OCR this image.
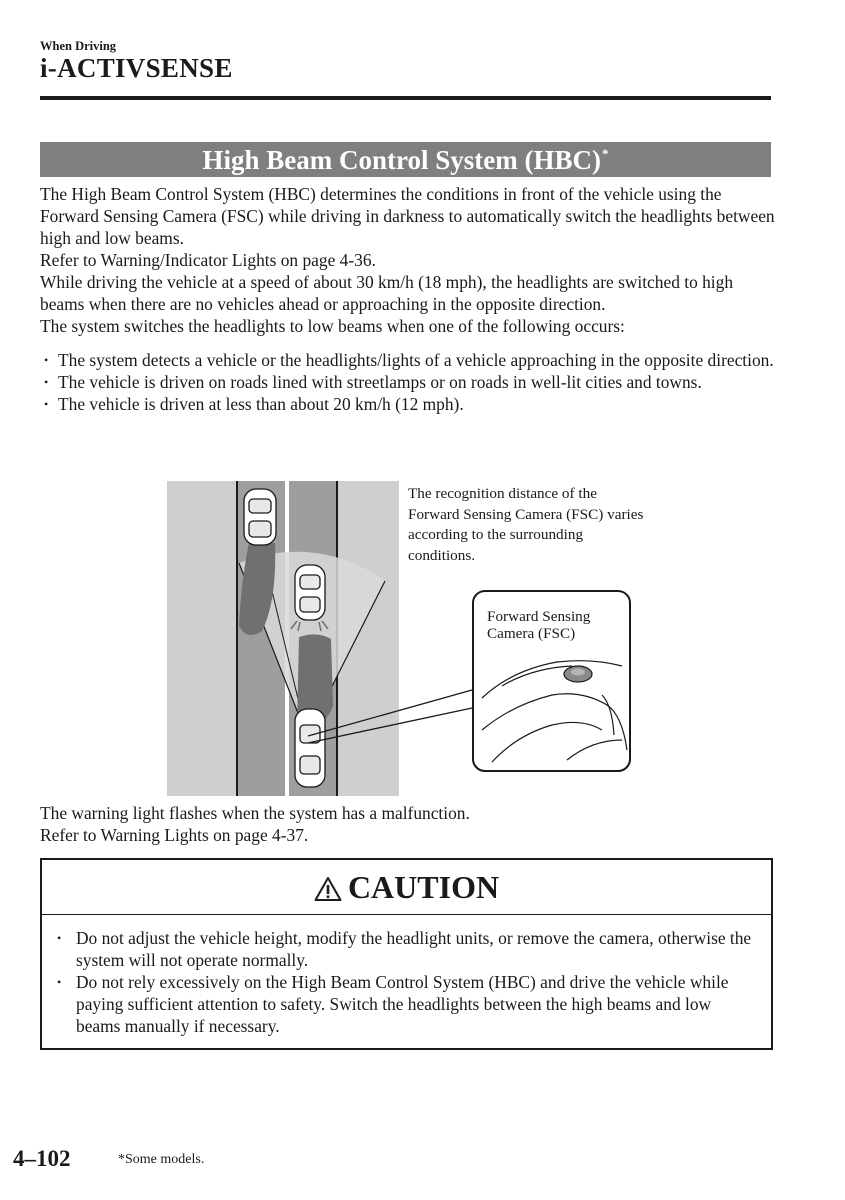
When Driving
i-ACTIVSENSE
High Beam Control System (HBC)*

The High Beam Control System (HBC) determines the conditions in front of the vehicle using the Forward Sensing Camera (FSC) while driving in darkness to automatically switch the headlights between high and low beams.

Refer to Warning/Indicator Lights on page 4-36.

While driving the vehicle at a speed of about 30 km/h (18 mph), the headlights are switched to high beams when there are no vehicles ahead or approaching in the opposite direction.

The system switches the headlights to low beams when one of the following occurs:

• The system detects a vehicle or the headlights/lights of a vehicle approaching in the opposite direction.
• The vehicle is driven on roads lined with streetlamps or on roads in well-lit cities and towns.
• The vehicle is driven at less than about 20 km/h (12 mph).

The recognition distance of the Forward Sensing Camera (FSC) varies according to the surrounding conditions.

Forward Sensing Camera (FSC)

The warning light flashes when the system has a malfunction.

Refer to Warning Lights on page 4-37.

CAUTION
• Do not adjust the vehicle height, modify the headlight units, or remove the camera, otherwise the system will not operate normally.
• Do not rely excessively on the High Beam Control System (HBC) and drive the vehicle while paying sufficient attention to safety. Switch the headlights between the high beams and low beams manually if necessary.
4–102	*Some models.
